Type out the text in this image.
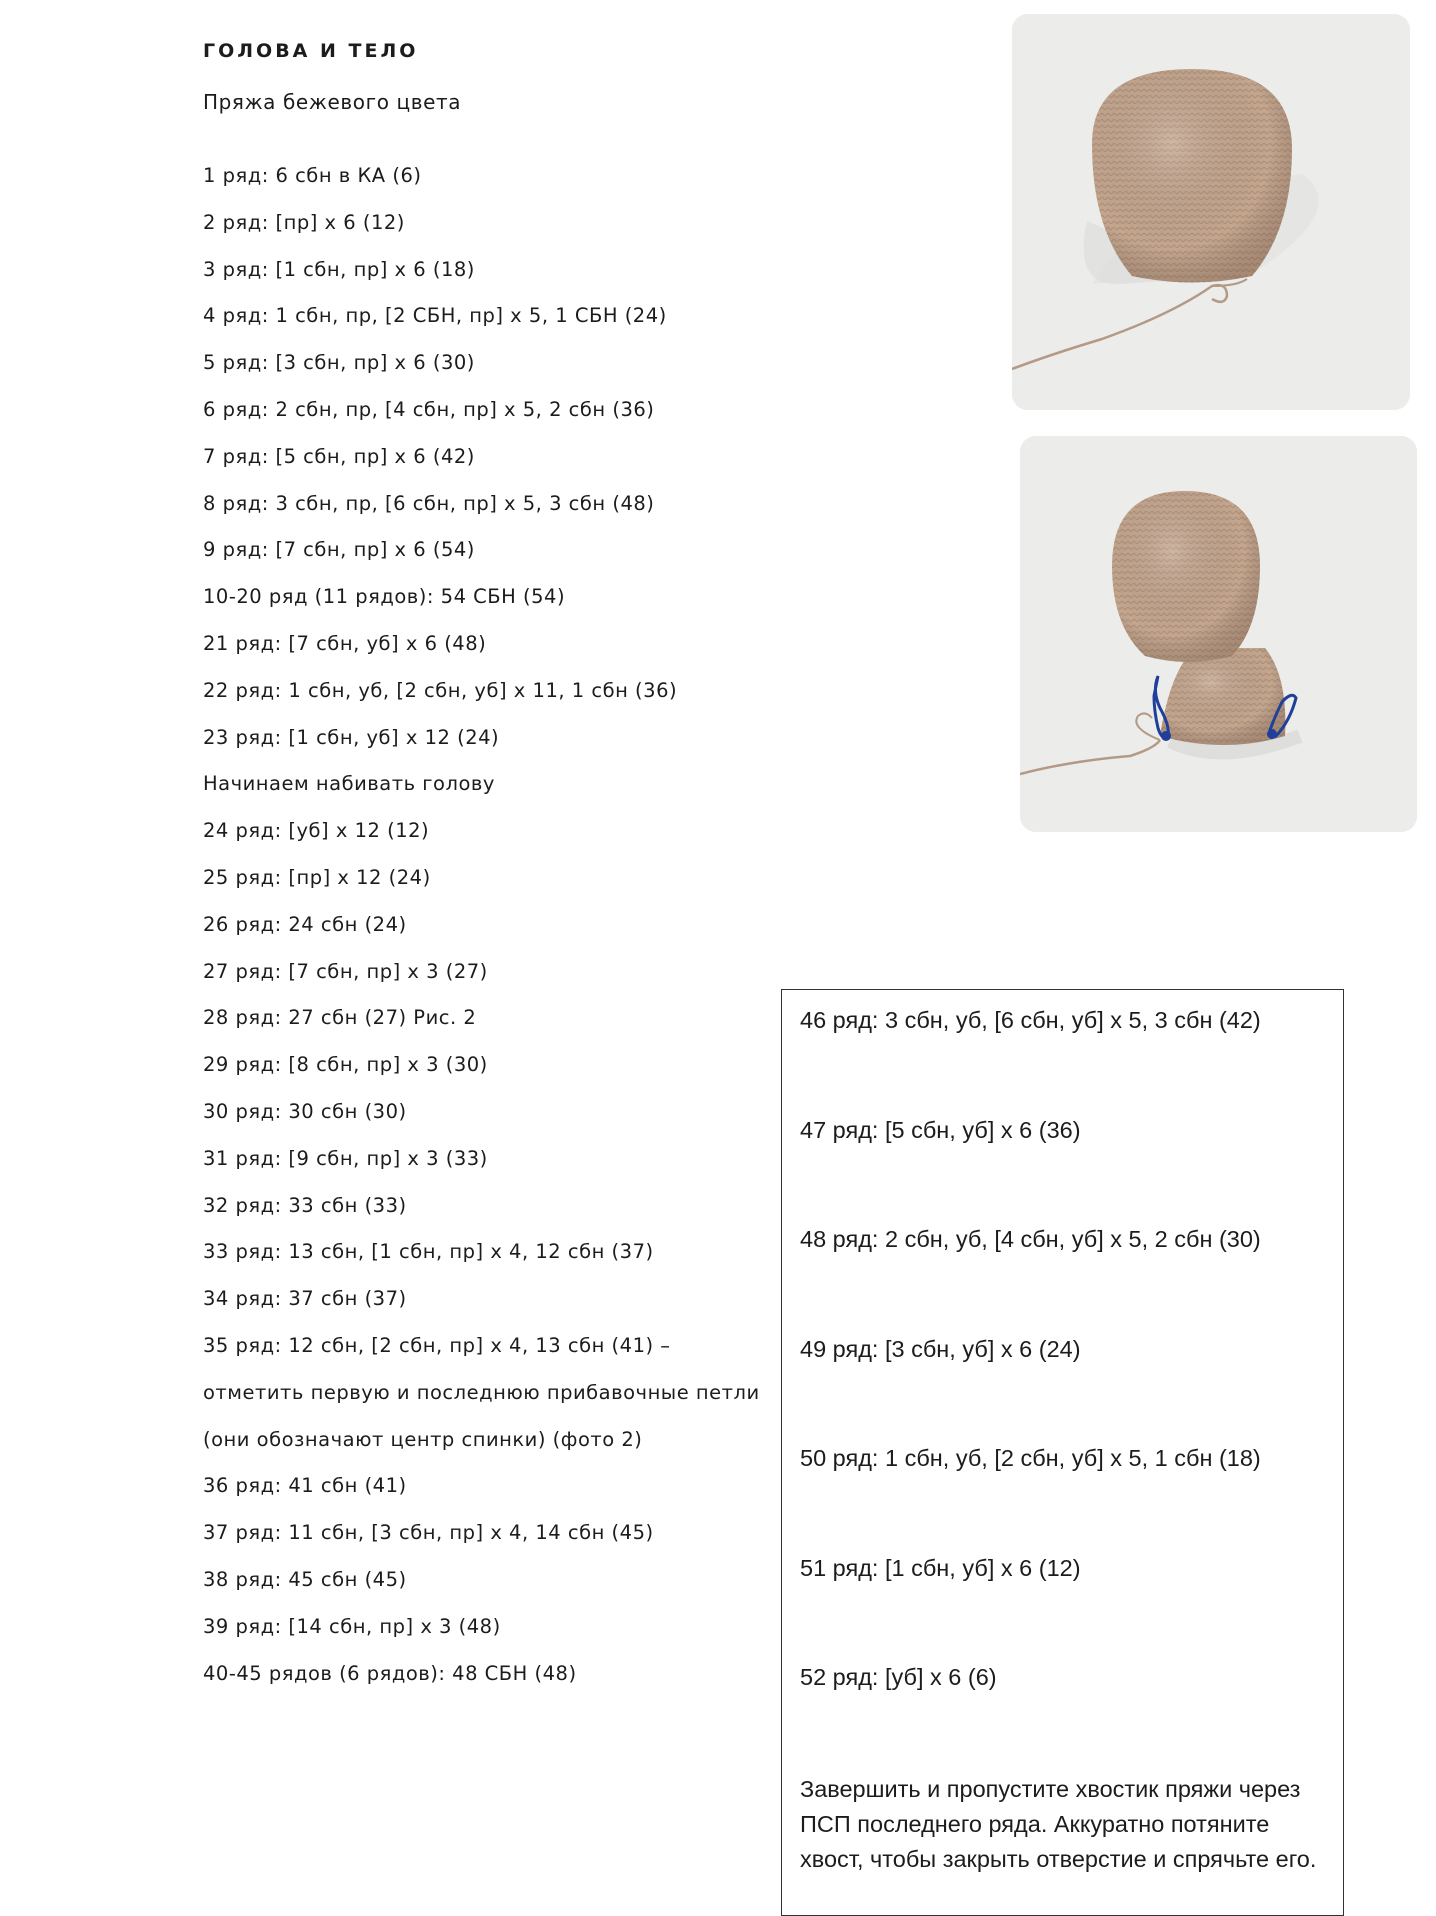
ГОЛОВА И ТЕЛО
Пряжа бежевого цвета
1 ряд: 6 сбн в КА (6)
2 ряд: [пр] х 6 (12)
3 ряд: [1 сбн, пр] х 6 (18)
4 ряд: 1 сбн, пр, [2 СБН, пр] х 5, 1 СБН (24)
5 ряд: [3 сбн, пр] х 6 (30)
6 ряд: 2 сбн, пр, [4 сбн, пр] х 5, 2 сбн (36)
7 ряд: [5 сбн, пр] х 6 (42)
8 ряд: 3 сбн, пр, [6 сбн, пр] х 5, 3 сбн (48)
9 ряд: [7 сбн, пр] х 6 (54)
10-20 ряд (11 рядов): 54 СБН (54)
21 ряд: [7 сбн, уб] х 6 (48)
22 ряд: 1 сбн, уб, [2 сбн, уб] х 11, 1 сбн (36)
23 ряд: [1 сбн, уб] х 12 (24)
Начинаем набивать голову
24 ряд: [уб] х 12 (12)
25 ряд: [пр] х 12 (24)
26 ряд: 24 сбн (24)
27 ряд: [7 сбн, пр] х 3 (27)
28 ряд: 27 сбн (27) Рис. 2
29 ряд: [8 сбн, пр] х 3 (30)
30 ряд: 30 сбн (30)
31 ряд: [9 сбн, пр] х 3 (33)
32 ряд: 33 сбн (33)
33 ряд: 13 сбн, [1 сбн, пр] х 4, 12 сбн (37)
34 ряд: 37 сбн (37)
35 ряд: 12 сбн, [2 сбн, пр] х 4, 13 сбн (41) –
отметить первую и последнюю прибавочные петли
(они обозначают центр спинки) (фото 2)
36 ряд: 41 сбн (41)
37 ряд: 11 сбн, [3 сбн, пр] х 4, 14 сбн (45)
38 ряд: 45 сбн (45)
39 ряд: [14 сбн, пр] х 3 (48)
40-45 рядов (6 рядов): 48 СБН (48)
46 ряд: 3 сбн, уб, [6 сбн, уб] х 5, 3 сбн (42)
47 ряд: [5 сбн, уб] х 6 (36)
48 ряд: 2 сбн, уб, [4 сбн, уб] х 5, 2 сбн (30)
49 ряд: [3 сбн, уб] х 6 (24)
50 ряд: 1 сбн, уб, [2 сбн, уб] х 5, 1 сбн (18)
51 ряд: [1 сбн, уб] х 6 (12)
52 ряд: [уб] х 6 (6)
Завершить и пропустите хвостик пряжи через ПСП последнего ряда. Аккуратно потяните хвост, чтобы закрыть отверстие и спрячьте его.
